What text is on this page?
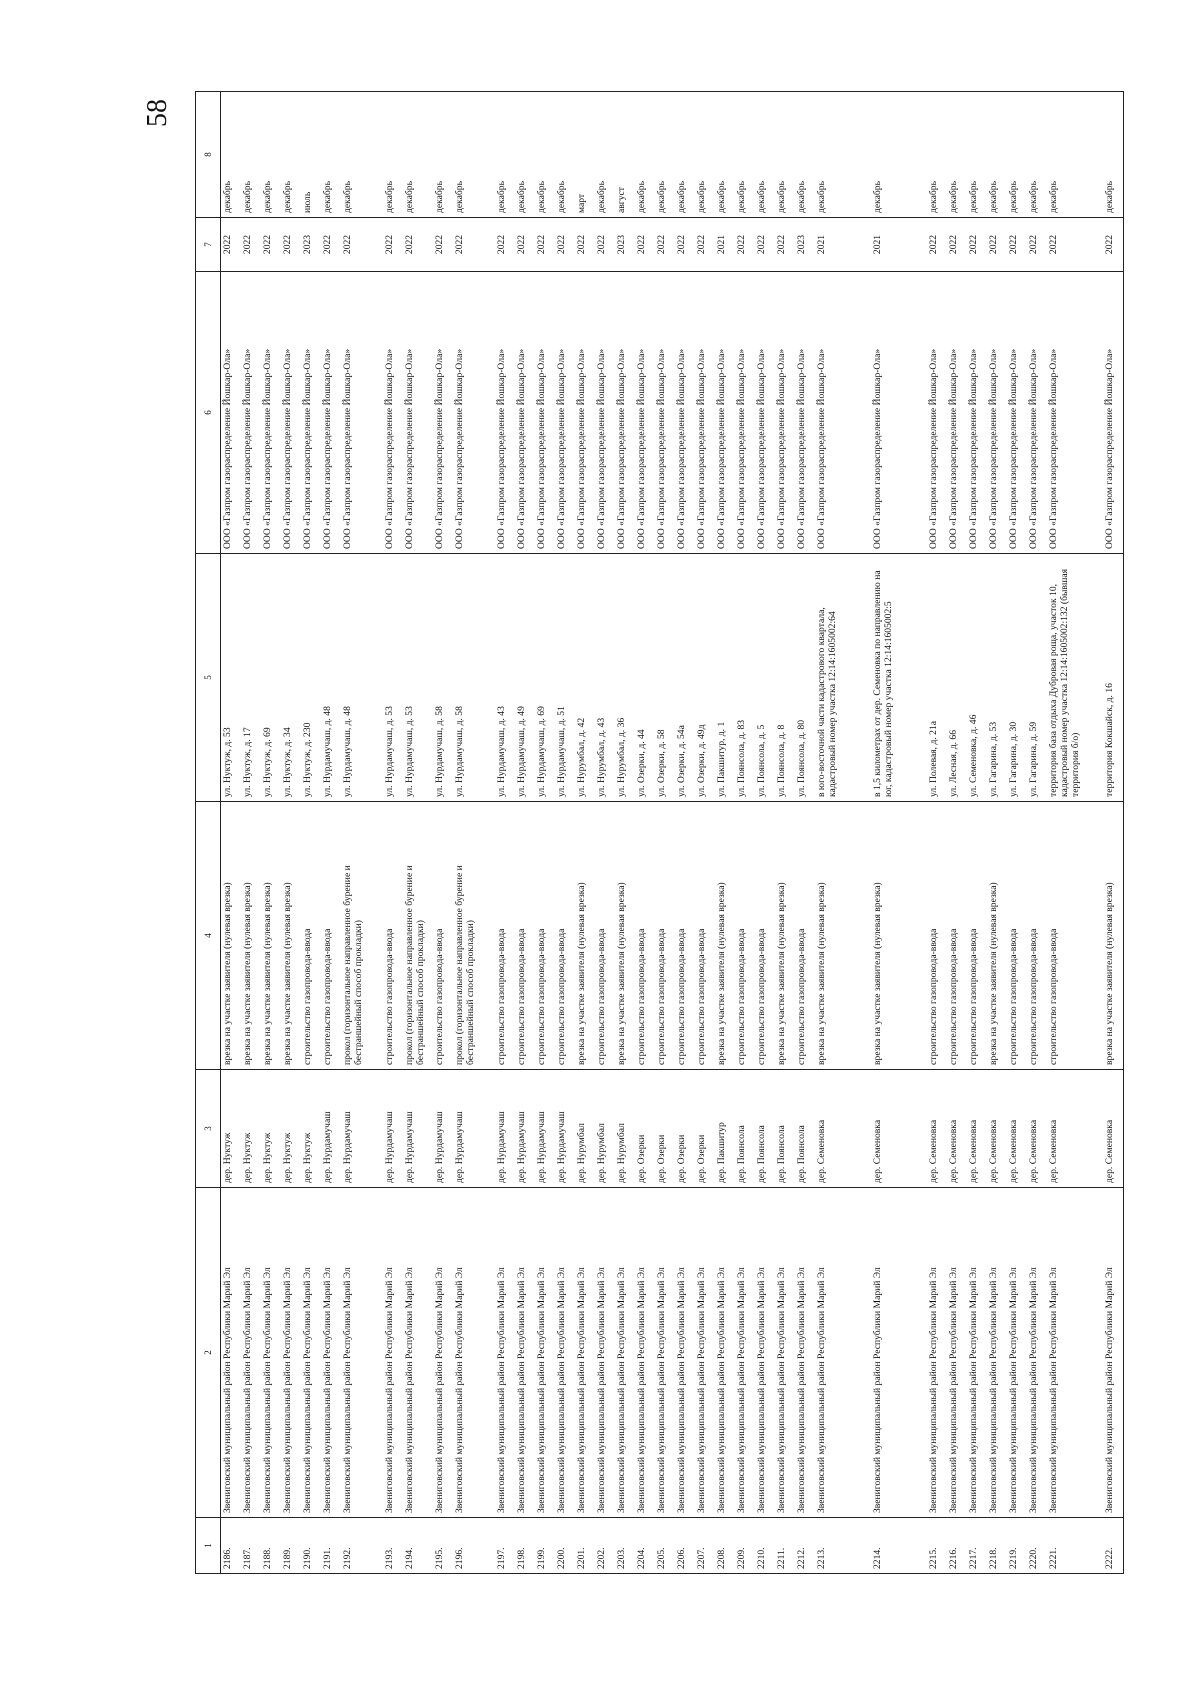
58
1	2	3	4	5	6	7	8
2186.	Звениговский муниципальный район Республики Марий Эл	дер. Нуктуж	врезка на участке заявителя (нулевая врезка)	ул. Нуктуж, д. 53	ООО «Газпром газораспределение Йошкар-Ола»	2022	декабрь
2187.	Звениговский муниципальный район Республики Марий Эл	дер. Нуктуж	врезка на участке заявителя (нулевая врезка)	ул. Нуктуж, д. 17	ООО «Газпром газораспределение Йошкар-Ола»	2022	декабрь
2188.	Звениговский муниципальный район Республики Марий Эл	дер. Нуктуж	врезка на участке заявителя (нулевая врезка)	ул. Нуктуж, д. 69	ООО «Газпром газораспределение Йошкар-Ола»	2022	декабрь
2189.	Звениговский муниципальный район Республики Марий Эл	дер. Нуктуж	врезка на участке заявителя (нулевая врезка)	ул. Нуктуж, д. 34	ООО «Газпром газораспределение Йошкар-Ола»	2022	декабрь
2190.	Звениговский муниципальный район Республики Марий Эл	дер. Нуктуж	строительство газопровода-ввода	ул. Нуктуж, д. 230	ООО «Газпром газораспределение Йошкар-Ола»	2023	июль
2191.	Звениговский муниципальный район Республики Марий Эл	дер. Нурдамучаш	строительство газопровода-ввода	ул. Нурдамучаш, д. 48	ООО «Газпром газораспределение Йошкар-Ола»	2022	декабрь
2192.	Звениговский муниципальный район Республики Марий Эл	дер. Нурдамучаш	прокол (горизонтальное направленное бурение и бестраншейный способ прокладки)	ул. Нурдамучаш, д. 48	ООО «Газпром газораспределение Йошкар-Ола»	2022	декабрь

2193.	Звениговский муниципальный район Республики Марий Эл	дер. Нурдамучаш	строительство газопровода-ввода	ул. Нурдамучаш, д. 53	ООО «Газпром газораспределение Йошкар-Ола»	2022	декабрь
2194.	Звениговский муниципальный район Республики Марий Эл	дер. Нурдамучаш	прокол (горизонтальное направленное бурение и бестраншейный способ прокладки)	ул. Нурдамучаш, д. 53	ООО «Газпром газораспределение Йошкар-Ола»	2022	декабрь
2195.	Звениговский муниципальный район Республики Марий Эл	дер. Нурдамучаш	строительство газопровода-ввода	ул. Нурдамучаш, д. 58	ООО «Газпром газораспределение Йошкар-Ола»	2022	декабрь
2196.	Звениговский муниципальный район Республики Марий Эл	дер. Нурдамучаш	прокол (горизонтальное направленное бурение и бестраншейный способ прокладки)	ул. Нурдамучаш, д. 58	ООО «Газпром газораспределение Йошкар-Ола»	2022	декабрь

2197.	Звениговский муниципальный район Республики Марий Эл	дер. Нурдамучаш	строительство газопровода-ввода	ул. Нурдамучаш, д. 43	ООО «Газпром газораспределение Йошкар-Ола»	2022	декабрь
2198.	Звениговский муниципальный район Республики Марий Эл	дер. Нурдамучаш	строительство газопровода-ввода	ул. Нурдамучаш, д. 49	ООО «Газпром газораспределение Йошкар-Ола»	2022	декабрь
2199.	Звениговский муниципальный район Республики Марий Эл	дер. Нурдамучаш	строительство газопровода-ввода	ул. Нурдамучаш, д. 69	ООО «Газпром газораспределение Йошкар-Ола»	2022	декабрь
2200.	Звениговский муниципальный район Республики Марий Эл	дер. Нурдамучаш	строительство газопровода-ввода	ул. Нурдамучаш, д. 51	ООО «Газпром газораспределение Йошкар-Ола»	2022	декабрь
2201.	Звениговский муниципальный район Республики Марий Эл	дер. Нурумбал	врезка на участке заявителя (нулевая врезка)	ул. Нурумбал, д. 42	ООО «Газпром газораспределение Йошкар-Ола»	2022	март
2202.	Звениговский муниципальный район Республики Марий Эл	дер. Нурумбал	строительство газопровода-ввода	ул. Нурумбал, д. 43	ООО «Газпром газораспределение Йошкар-Ола»	2022	декабрь
2203.	Звениговский муниципальный район Республики Марий Эл	дер. Нурумбал	врезка на участке заявителя (нулевая врезка)	ул. Нурумбал, д. 36	ООО «Газпром газораспределение Йошкар-Ола»	2023	август
2204.	Звениговский муниципальный район Республики Марий Эл	дер. Озерки	строительство газопровода-ввода	ул. Озерки, д. 44	ООО «Газпром газораспределение Йошкар-Ола»	2022	декабрь
2205.	Звениговский муниципальный район Республики Марий Эл	дер. Озерки	строительство газопровода-ввода	ул. Озерки, д. 58	ООО «Газпром газораспределение Йошкар-Ола»	2022	декабрь
2206.	Звениговский муниципальный район Республики Марий Эл	дер. Озерки	строительство газопровода-ввода	ул. Озерки, д. 54а	ООО «Газпром газораспределение Йошкар-Ола»	2022	декабрь
2207.	Звениговский муниципальный район Республики Марий Эл	дер. Озерки	строительство газопровода-ввода	ул. Озерки, д. 49д	ООО «Газпром газораспределение Йошкар-Ола»	2022	декабрь
2208.	Звениговский муниципальный район Республики Марий Эл	дер. Пакшитур	врезка на участке заявителя (нулевая врезка)	ул. Пакшитур, д. 1	ООО «Газпром газораспределение Йошкар-Ола»	2021	декабрь
2209.	Звениговский муниципальный район Республики Марий Эл	дер. Поянсола	строительство газопровода-ввода	ул. Поянсола, д. 83	ООО «Газпром газораспределение Йошкар-Ола»	2022	декабрь
2210.	Звениговский муниципальный район Республики Марий Эл	дер. Поянсола	строительство газопровода-ввода	ул. Поянсола, д. 5	ООО «Газпром газораспределение Йошкар-Ола»	2022	декабрь
2211.	Звениговский муниципальный район Республики Марий Эл	дер. Поянсола	врезка на участке заявителя (нулевая врезка)	ул. Поянсола, д. 8	ООО «Газпром газораспределение Йошкар-Ола»	2022	декабрь
2212.	Звениговский муниципальный район Республики Марий Эл	дер. Поянсола	строительство газопровода-ввода	ул. Поянсола, д. 80	ООО «Газпром газораспределение Йошкар-Ола»	2023	декабрь
2213.	Звениговский муниципальный район Республики Марий Эл	дер. Семеновка	врезка на участке заявителя (нулевая врезка)	в юго-восточной части кадастрового квартала, кадастровый номер участка 12:14:1605002:64	ООО «Газпром газораспределение Йошкар-Ола»	2021	декабрь

2214.	Звениговский муниципальный район Республики Марий Эл	дер. Семеновка	врезка на участке заявителя (нулевая врезка)	в 1,5 километрах от дер. Семеновка по направлению на юг, кадастровый номер участка 12:14:1605002:5	ООО «Газпром газораспределение Йошкар-Ола»	2021	декабрь

2215.	Звениговский муниципальный район Республики Марий Эл	дер. Семеновка	строительство газопровода-ввода	ул. Полевая, д. 21а	ООО «Газпром газораспределение Йошкар-Ола»	2022	декабрь
2216.	Звениговский муниципальный район Республики Марий Эл	дер. Семеновка	строительство газопровода-ввода	ул. Лесная, д. 66	ООО «Газпром газораспределение Йошкар-Ола»	2022	декабрь
2217.	Звениговский муниципальный район Республики Марий Эл	дер. Семеновка	строительство газопровода-ввода	ул. Семеновка, д. 46	ООО «Газпром газораспределение Йошкар-Ола»	2022	декабрь
2218.	Звениговский муниципальный район Республики Марий Эл	дер. Семеновка	врезка на участке заявителя (нулевая врезка)	ул. Гагарина, д. 53	ООО «Газпром газораспределение Йошкар-Ола»	2022	декабрь
2219.	Звениговский муниципальный район Республики Марий Эл	дер. Семеновка	строительство газопровода-ввода	ул. Гагарина, д. 30	ООО «Газпром газораспределение Йошкар-Ола»	2022	декабрь
2220.	Звениговский муниципальный район Республики Марий Эл	дер. Семеновка	строительство газопровода-ввода	ул. Гагарина, д. 59	ООО «Газпром газораспределение Йошкар-Ола»	2022	декабрь
2221.	Звениговский муниципальный район Республики Марий Эл	дер. Семеновка	строительство газопровода-ввода	территория база отдыха Дубровая роща, участок 10, кадастровый номер участка 12:14:1605002:132 (бывшая территория б/о)	ООО «Газпром газораспределение Йошкар-Ола»	2022	декабрь

2222.	Звениговский муниципальный район Республики Марий Эл	дер. Семеновка	врезка на участке заявителя (нулевая врезка)	территория Кокшайск, д. 16	ООО «Газпром газораспределение Йошкар-Ола»	2022	декабрь
